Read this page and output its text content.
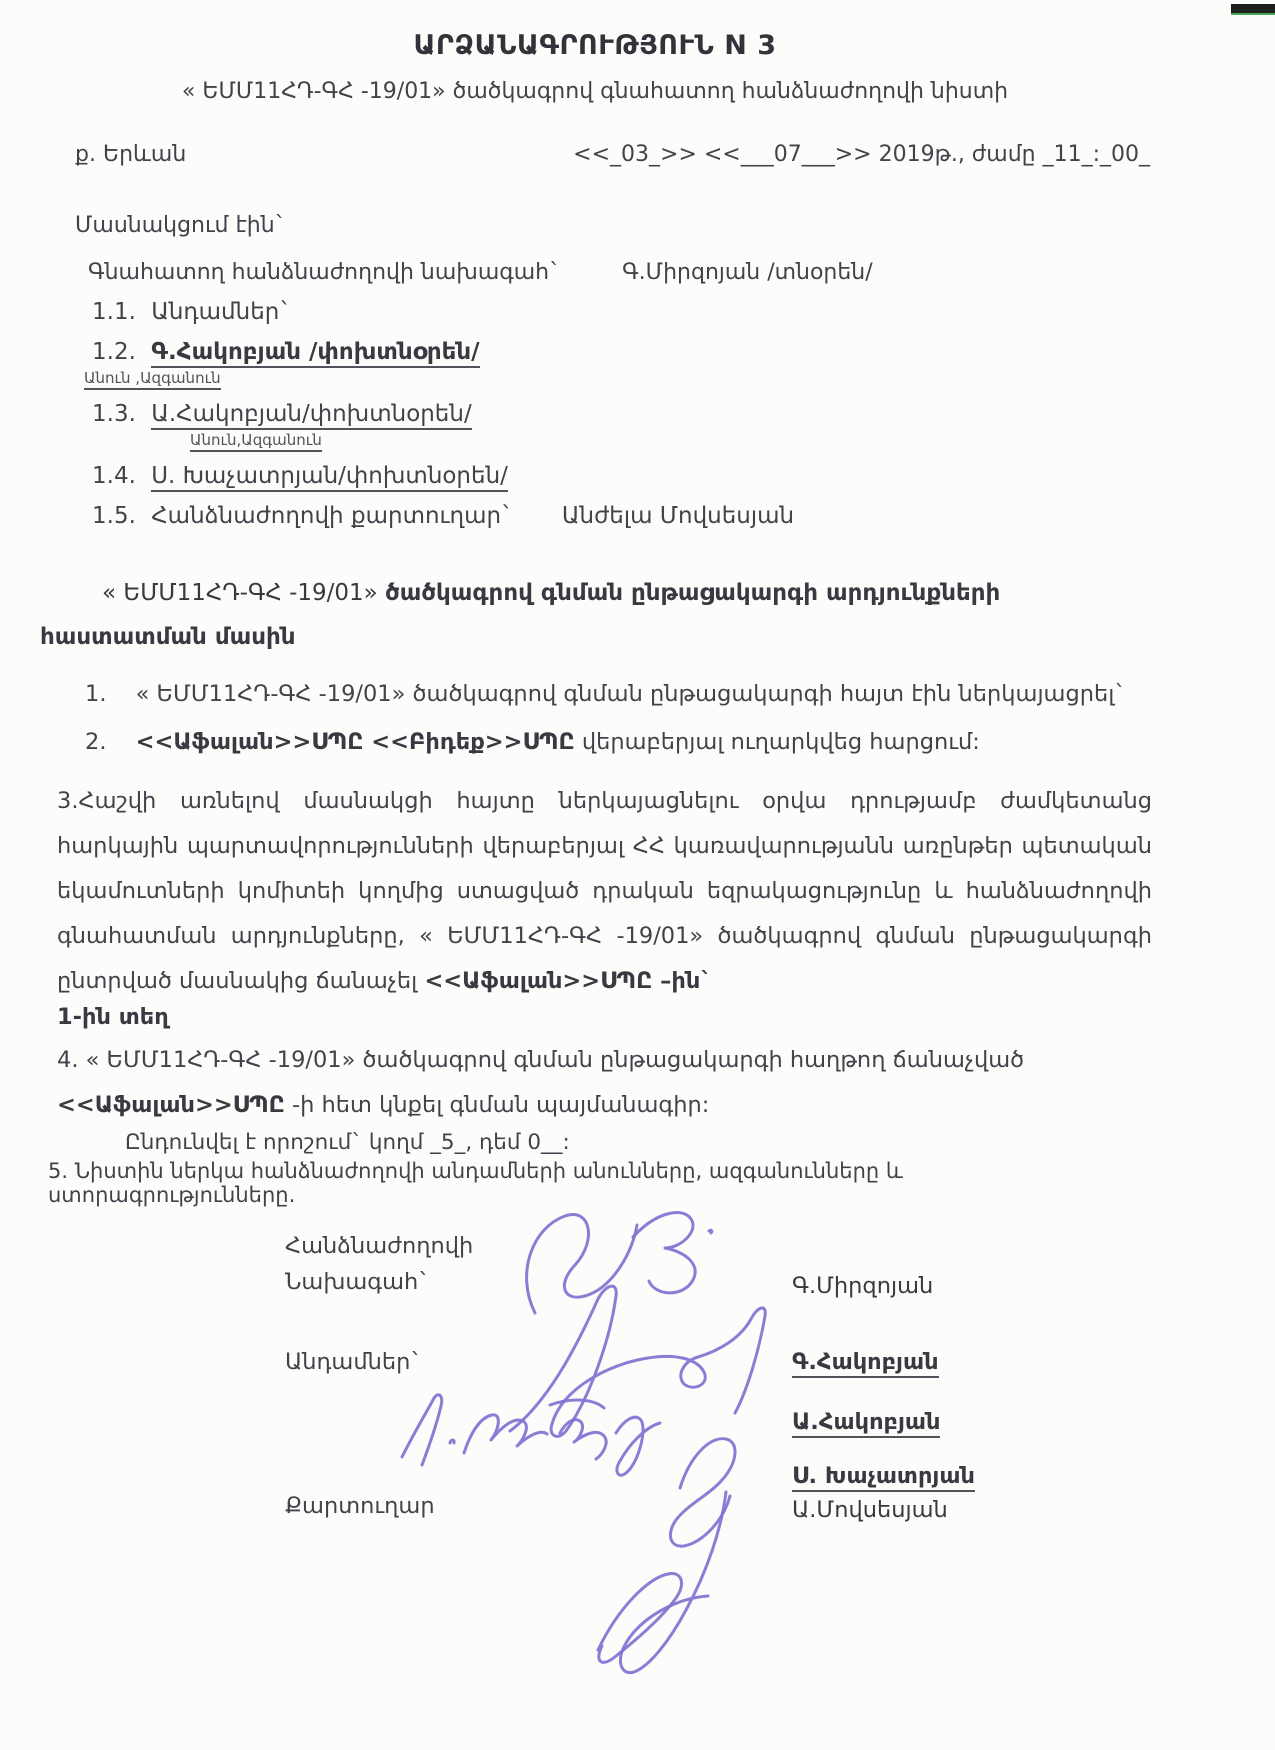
ԱՐՁԱՆԱԳՐՈՒԹՅՈՒՆ N 3
« ԵՄՄ11ՀԴ-ԳՀ -19/01» ծածկագրով գնահատող հանձնաժողովի նիստի
ք. Երևան	<<_03_>> <<___07___>> 2019թ., ժամը _11_:_00_

Մասնակցում էին`

Գնահատող հանձնաժողովի նախագահ`	Գ.Միրզոյան /տնօրեն/

1.1. Անդամներ`

1.2. Գ.Հակոբյան /փոխտնօրեն/

Անուն ,Ազգանուն

1.3. Ա.Հակոբյան/փոխտնօրեն/

Անուն,Ազգանուն

1.4. Ս. Խաչատրյան/փոխտնօրեն/

1.5. Հանձնաժողովի քարտուղար` Անժելա Մովսեսյան

« ԵՄՄ11ՀԴ-ԳՀ -19/01» ծածկագրով գնման ընթացակարգի արդյունքների հաստատման մասին

1. « ԵՄՄ11ՀԴ-ԳՀ -19/01» ծածկագրով գնման ընթացակարգի հայտ էին ներկայացրել`

2. <<Աֆալան>>ՍՊԸ <<Բիդեք>>ՍՊԸ վերաբերյալ ուղարկվեց հարցում:

3.Հաշվի առնելով մասնակցի հայտը ներկայացնելու օրվա դրությամբ ժամկետանց հարկային պարտավորությունների վերաբերյալ ՀՀ կառավարությանն առընթեր պետական եկամուտների կոմիտեի կողմից ստացված դրական եզրակացությունը և հանձնաժողովի գնահատման արդյունքները, « ԵՄՄ11ՀԴ-ԳՀ -19/01» ծածկագրով գնման ընթացակարգի ընտրված մասնակից ճանաչել <<Աֆալան>>ՍՊԸ –ին`

1-ին տեղ

4. « ԵՄՄ11ՀԴ-ԳՀ -19/01» ծածկագրով գնման ընթացակարգի հաղթող ճանաչված <<Աֆալան>>ՍՊԸ -ի հետ կնքել գնման պայմանագիր:

Ընդունվել է որոշում` կողմ _5_, դեմ 0__:

5. Նիստին ներկա հանձնաժողովի անդամների անունները, ազգանունները և ստորագրությունները.

Հանձնաժողովի
Նախագահ`	Գ.Միրզոյան
Անդամներ`	Գ.Հակոբյան
Ա.Հակոբյան
Ս. Խաչատրյան
Քարտուղար	Ա.Մովսեսյան
